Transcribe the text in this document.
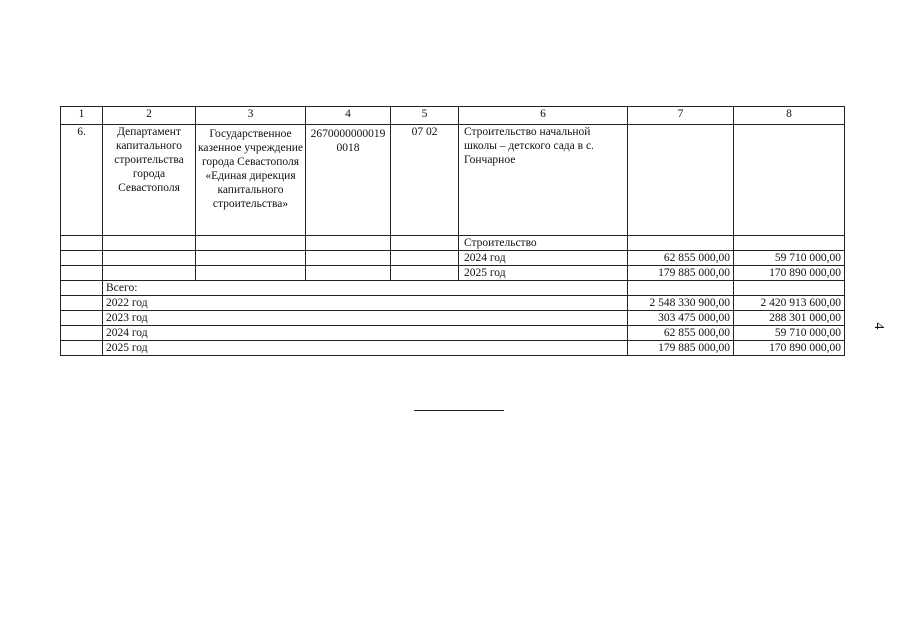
1	2	3	4	5	6	7	8
6.	Департамент капитального строительства города Севастополя	Государственное казенное учреждение города Севастополя «Единая дирекция капитального строительства»	26700000000190018	07 02	Строительство начальной школы – детского сада в с. Гончарное		
					Строительство		
					2024 год	62 855 000,00	59 710 000,00
					2025 год	179 885 000,00	170 890 000,00
	Всего:						
	2022 год					2 548 330 900,00	2 420 913 600,00
	2023 год					303 475 000,00	288 301 000,00
	2024 год					62 855 000,00	59 710 000,00
	2025 год					179 885 000,00	170 890 000,00
4
